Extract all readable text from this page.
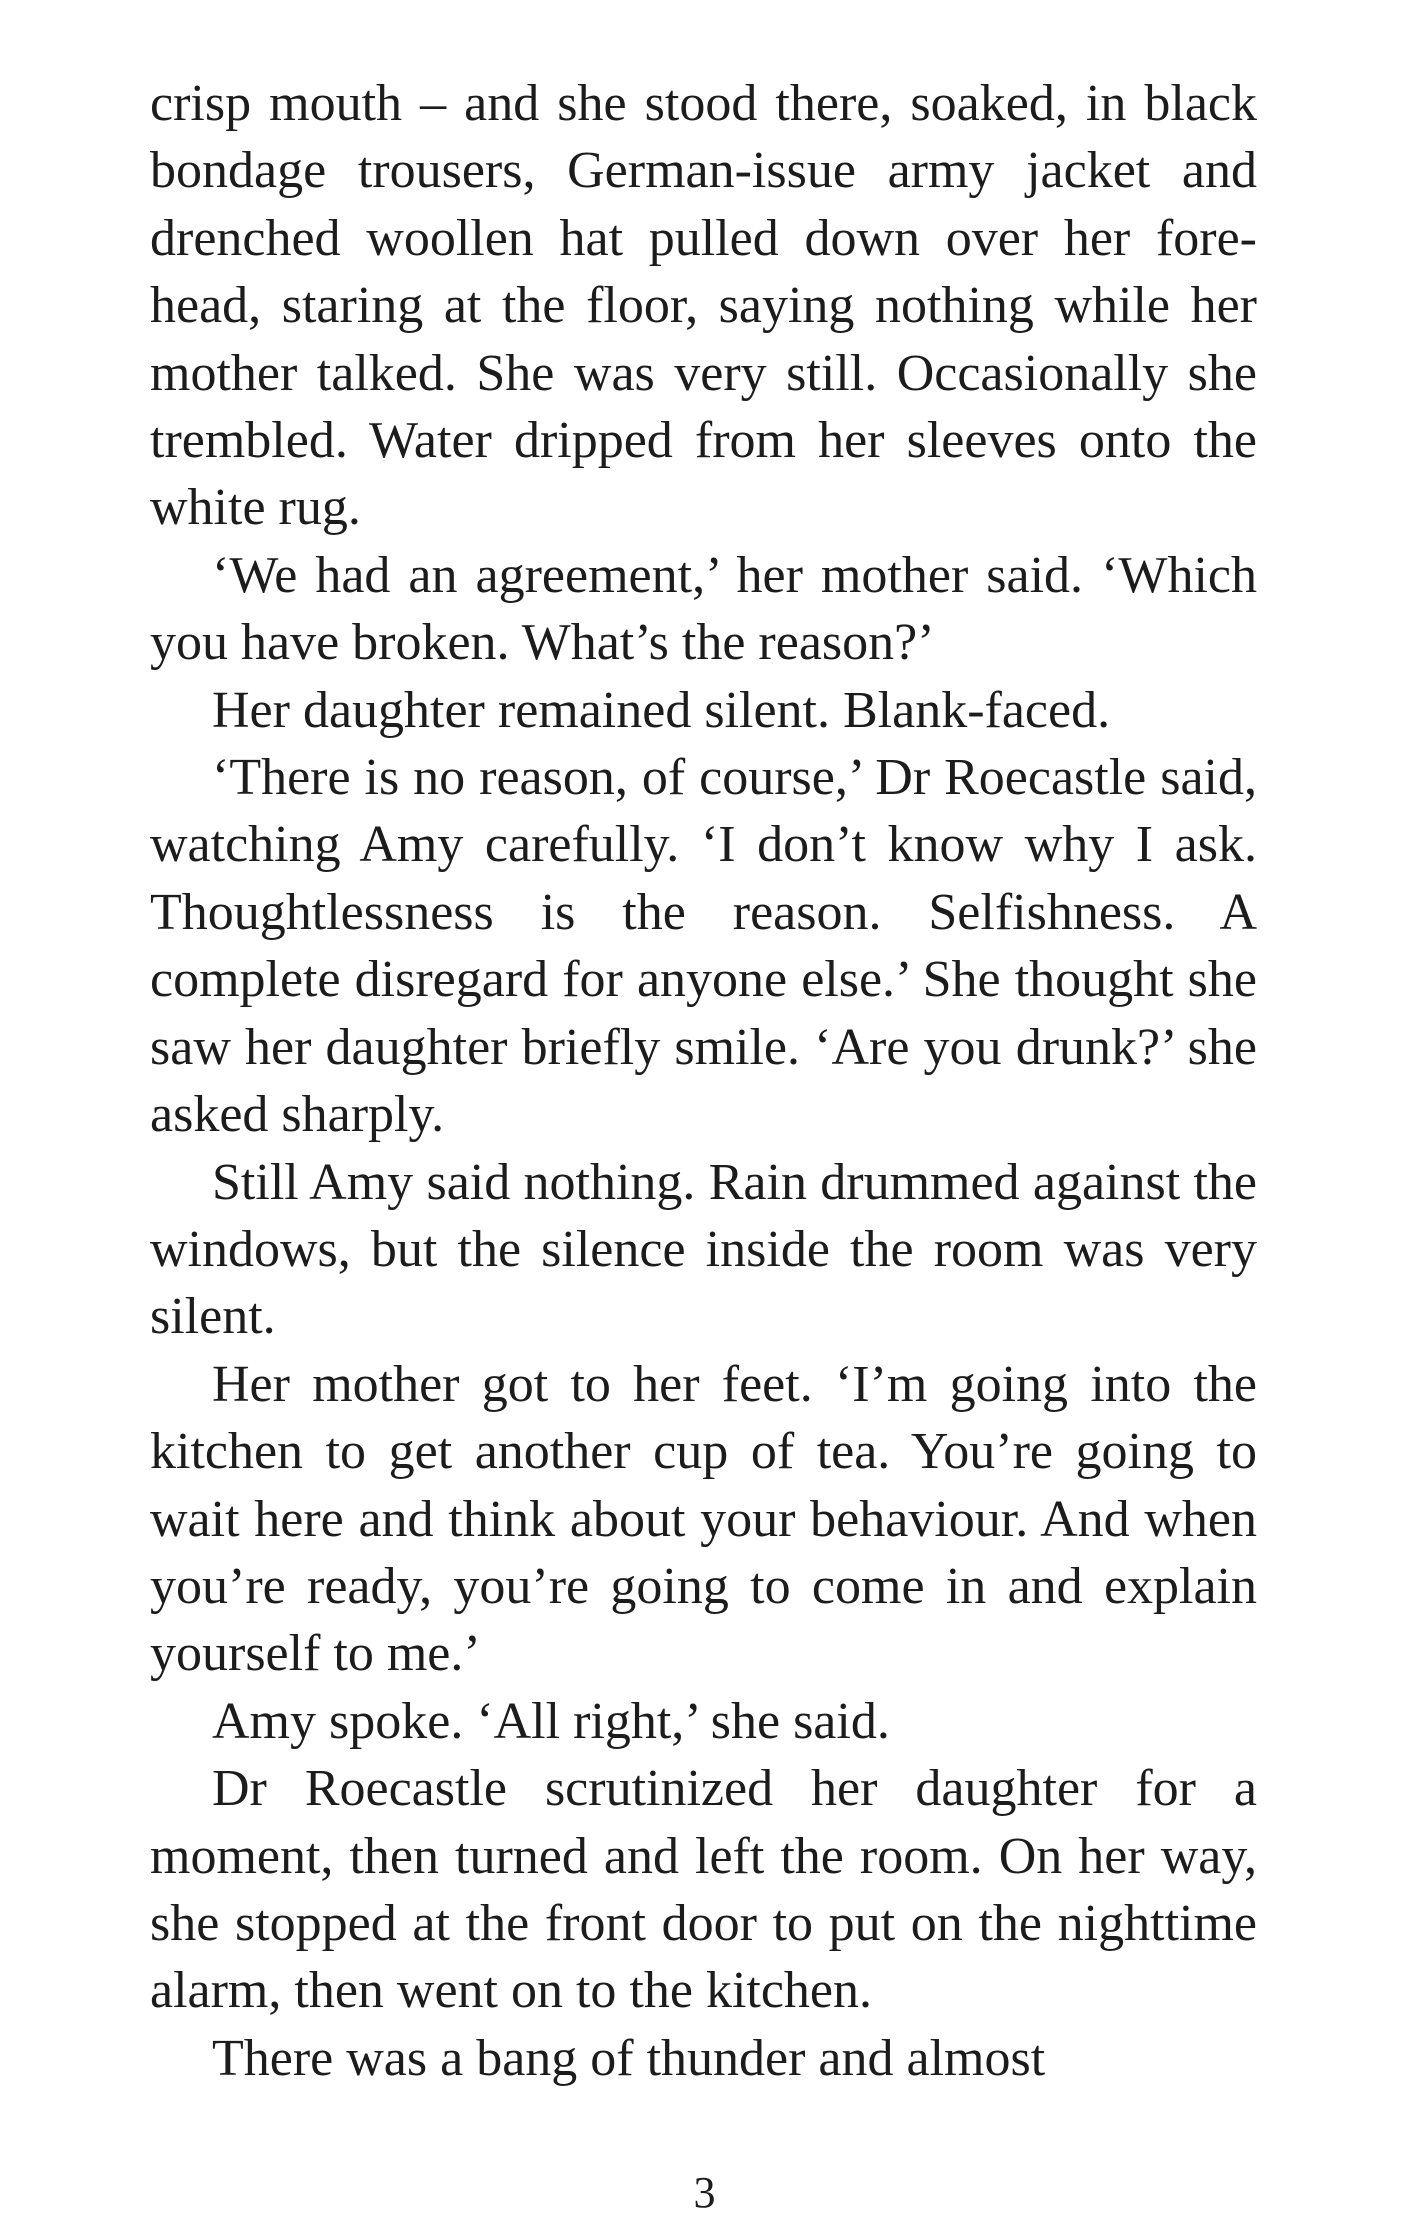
crisp mouth – and she stood there, soaked, in black bondage trousers, German-issue army jacket and drenched woollen hat pulled down over her forehead, staring at the floor, saying nothing while her mother talked. She was very still. Occasionally she trembled. Water dripped from her sleeves onto the white rug.

‘We had an agreement,’ her mother said. ‘Which you have broken. What’s the reason?’

Her daughter remained silent. Blank-faced.

‘There is no reason, of course,’ Dr Roecastle said, watching Amy carefully. ‘I don’t know why I ask. Thoughtlessness is the reason. Selfishness. A complete disregard for anyone else.’ She thought she saw her daughter briefly smile. ‘Are you drunk?’ she asked sharply.

Still Amy said nothing. Rain drummed against the windows, but the silence inside the room was very silent.

Her mother got to her feet. ‘I’m going into the kitchen to get another cup of tea. You’re going to wait here and think about your behaviour. And when you’re ready, you’re going to come in and explain yourself to me.’

Amy spoke. ‘All right,’ she said.

Dr Roecastle scrutinized her daughter for a moment, then turned and left the room. On her way, she stopped at the front door to put on the nighttime alarm, then went on to the kitchen.

There was a bang of thunder and almost

3
